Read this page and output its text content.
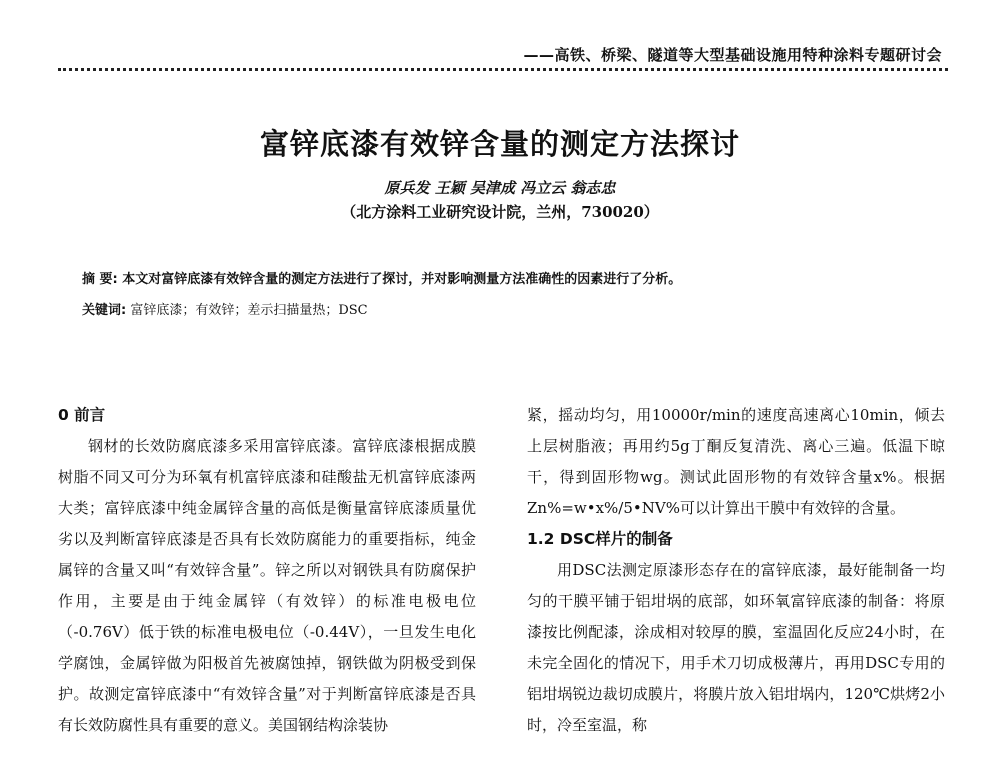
——高铁、桥梁、隧道等大型基础设施用特种涂料专题研讨会
富锌底漆有效锌含量的测定方法探讨
原兵发 王颖 吴津成 冯立云 翁志忠
（北方涂料工业研究设计院，兰州，730020）
摘 要: 本文对富锌底漆有效锌含量的测定方法进行了探讨，并对影响测量方法准确性的因素进行了分析。
关键词: 富锌底漆；有效锌；差示扫描量热；DSC
0 前言

钢材的长效防腐底漆多采用富锌底漆。富锌底漆根据成膜树脂不同又可分为环氧有机富锌底漆和硅酸盐无机富锌底漆两大类；富锌底漆中纯金属锌含量的高低是衡量富锌底漆质量优劣以及判断富锌底漆是否具有长效防腐能力的重要指标，纯金属锌的含量又叫“有效锌含量”。锌之所以对钢铁具有防腐保护作用，主要是由于纯金属锌（有效锌）的标准电极电位（-0.76V）低于铁的标准电极电位（-0.44V），一旦发生电化学腐蚀，金属锌做为阳极首先被腐蚀掉，钢铁做为阴极受到保护。故测定富锌底漆中“有效锌含量”对于判断富锌底漆是否具有长效防腐性具有重要的意义。美国钢结构涂装协

紧，摇动均匀，用10000r/min的速度高速离心10min，倾去上层树脂液；再用约5g丁酮反复清洗、离心三遍。低温下晾干，得到固形物wg。测试此固形物的有效锌含量x%。根据Zn%=w•x%/5•NV%可以计算出干膜中有效锌的含量。

1.2 DSC样片的制备

用DSC法测定原漆形态存在的富锌底漆，最好能制备一均匀的干膜平铺于铝坩埚的底部，如环氧富锌底漆的制备：将原漆按比例配漆，涂成相对较厚的膜，室温固化反应24小时，在未完全固化的情况下，用手术刀切成极薄片，再用DSC专用的铝坩埚锐边裁切成膜片，将膜片放入铝坩埚内，120℃烘烤2小时，冷至室温，称
